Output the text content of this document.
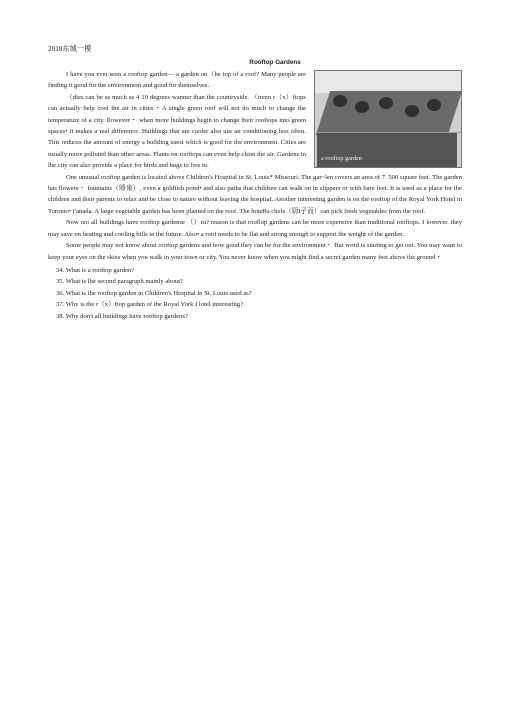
2018东城一模
Rooftop Gardens
a rooftop garden

I have you ever seen a rooftop garden— a garden on（he top of a roof? Many people are finding it good for the environment and good for themselves.

（dies can be as much as 4 10 degrees wanner than the countryside. （ireen r（x）ftops can actually help cool the air in cities・A single green roof will not do much to change the temperature of a city. Ilowever・ when more buildings begin to change their rooftops into green spaces• it makes a real difference. Buildings that are cooler also use air conditioning less often. This reduces the amount of energy a building usest which is good for the environmeni. Cities are usually more polluted than other areas. Plants on rooftops can even help clean the air. Gardens in lhe city can also provide a place for birds and bugs to live in.

One unusual rooftop garden is located above Children's Hospital in St. Louis* Missouri. The gar~len covers an area of 7. 500 square feet. The garden has flowers・ fountains（喷泉）, even a goldfish pond• and also paths that children can walk on in slippers or with bare feet. It is used as a place for the children and their parents to relax and be close to nature without leaving the hospitaL Another interesting garden is on the rooftop of the Royal York Hotel in Toronto• ('anada. A large vegetable garden has been planted on the roof. The hoteRs chefs（厨I孑而）can pick fresh vegetables from the roof.

Now noi all buildings have rooftop gardense （）ru? reason is that rooflop gardens can be more expensive than traditional rooftops. I lowever. they may save on heating and cooling bills in the future. Also• a roof needs to be flat and strong enough to support the weight of the garden.

Some people may not know about rooftop gardens and how good they can be for the environment・ But word is starting to get out. You may want to keep your eyes on the skies when you walk in your town or city. You never know when you might find a secret garden many feet above the ground・

34. What is a rooftop garden?
35. What is lhe second paragraph mainly about?
36. What is the rooftop garden in Children's Hospital in St. Louis used as?
37. Why is the r（x）ftop garden of the Royal York I lotel interesting?
38. Why don't all buildings have rooftop gardens?
